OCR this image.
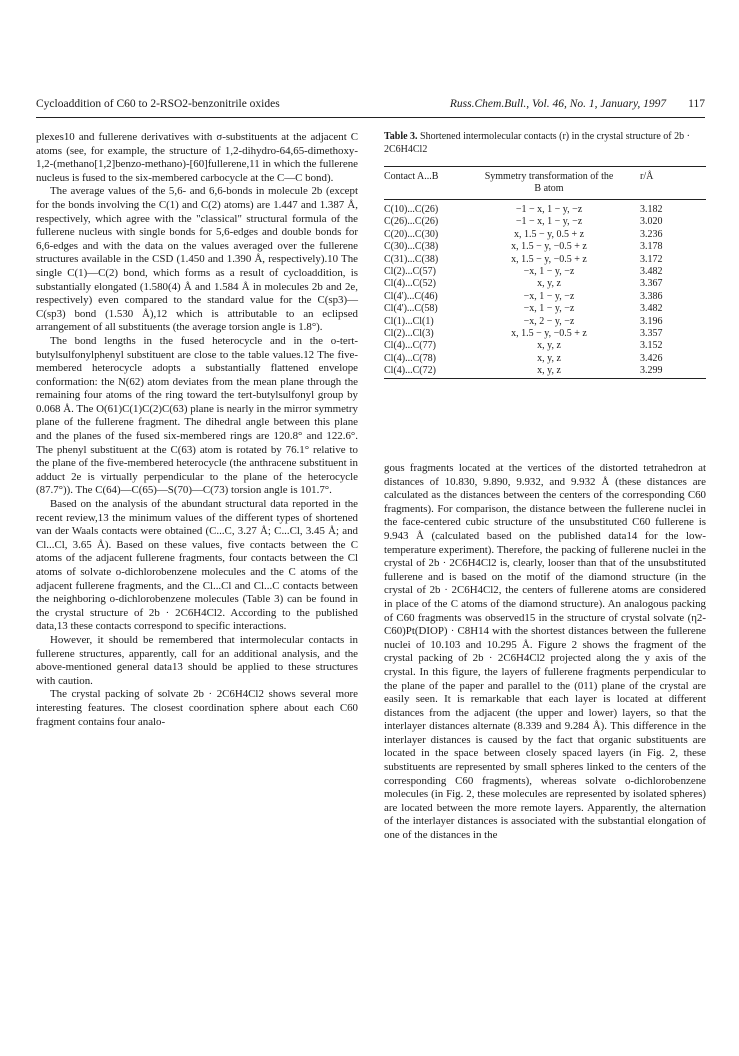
Cycloaddition of C60 to 2-RSO2-benzonitrile oxides	Russ.Chem.Bull., Vol. 46, No. 1, January, 1997 117

plexes10 and fullerene derivatives with σ-substituents at the adjacent C atoms (see, for example, the structure of 1,2-dihydro-64,65-dimethoxy-1,2-(methano[1,2]benzo-methano)-[60]fullerene,11 in which the fullerene nucleus is fused to the six-membered carbocycle at the C—C bond).

The average values of the 5,6- and 6,6-bonds in molecule 2b (except for the bonds involving the C(1) and C(2) atoms) are 1.447 and 1.387 Å, respectively, which agree with the "classical" structural formula of the fullerene nucleus with single bonds for 5,6-edges and double bonds for 6,6-edges and with the data on the values averaged over the fullerene structures available in the CSD (1.450 and 1.390 Å, respectively).10 The single C(1)—C(2) bond, which forms as a result of cycloaddition, is substantially elongated (1.580(4) Å and 1.584 Å in molecules 2b and 2e, respectively) even compared to the standard value for the C(sp3)—C(sp3) bond (1.530 Å),12 which is attributable to an eclipsed arrangement of all substituents (the average torsion angle is 1.8°).

The bond lengths in the fused heterocycle and in the o-tert-butylsulfonylphenyl substituent are close to the table values.12 The five-membered heterocycle adopts a substantially flattened envelope conformation: the N(62) atom deviates from the mean plane through the remaining four atoms of the ring toward the tert-butylsulfonyl group by 0.068 Å. The O(61)C(1)C(2)C(63) plane is nearly in the mirror symmetry plane of the fullerene fragment. The dihedral angle between this plane and the planes of the fused six-membered rings are 120.8° and 122.6°. The phenyl substituent at the C(63) atom is rotated by 76.1° relative to the plane of the five-membered heterocycle (the anthracene substituent in adduct 2e is virtually perpendicular to the plane of the heterocycle (87.7°)). The C(64)—C(65)—S(70)—C(73) torsion angle is 101.7°.

Based on the analysis of the abundant structural data reported in the recent review,13 the minimum values of the different types of shortened van der Waals contacts were obtained (C...C, 3.27 Å; C...Cl, 3.45 Å; and Cl...Cl, 3.65 Å). Based on these values, five contacts between the C atoms of the adjacent fullerene fragments, four contacts between the Cl atoms of solvate o-dichlorobenzene molecules and the C atoms of the adjacent fullerene fragments, and the Cl...Cl and Cl...C contacts between the neighboring o-dichlorobenzene molecules (Table 3) can be found in the crystal structure of 2b · 2C6H4Cl2. According to the published data,13 these contacts correspond to specific interactions.

However, it should be remembered that intermolecular contacts in fullerene structures, apparently, call for an additional analysis, and the above-mentioned general data13 should be applied to these structures with caution.

The crystal packing of solvate 2b · 2C6H4Cl2 shows several more interesting features. The closest coordination sphere about each C60 fragment contains four analo-

Table 3. Shortened intermolecular contacts (r) in the crystal structure of 2b · 2C6H4Cl2
Contact A...B	Symmetry transformation of the B atom	r/Å
C(10)...C(26)	−1 − x, 1 − y, −z	3.182
C(26)...C(26)	−1 − x, 1 − y, −z	3.020
C(20)...C(30)	x, 1.5 − y, 0.5 + z	3.236
C(30)...C(38)	x, 1.5 − y, −0.5 + z	3.178
C(31)...C(38)	x, 1.5 − y, −0.5 + z	3.172
Cl(2)...C(57)	−x, 1 − y, −z	3.482
Cl(4)...C(52)	x, y, z	3.367
Cl(4')...C(46)	−x, 1 − y, −z	3.386
Cl(4')...C(58)	−x, 1 − y, −z	3.482
Cl(1)...Cl(1)	−x, 2 − y, −z	3.196
Cl(2)...Cl(3)	x, 1.5 − y, −0.5 + z	3.357
Cl(4)...C(77)	x, y, z	3.152
Cl(4)...C(78)	x, y, z	3.426
Cl(4)...C(72)	x, y, z	3.299

gous fragments located at the vertices of the distorted tetrahedron at distances of 10.830, 9.890, 9.932, and 9.932 Å (these distances are calculated as the distances between the centers of the corresponding C60 fragments). For comparison, the distance between the fullerene nuclei in the face-centered cubic structure of the unsubstituted C60 fullerene is 9.943 Å (calculated based on the published data14 for the low-temperature experiment). Therefore, the packing of fullerene nuclei in the crystal of 2b · 2C6H4Cl2 is, clearly, looser than that of the unsubstituted fullerene and is based on the motif of the diamond structure (in the crystal of 2b · 2C6H4Cl2, the centers of fullerene atoms are considered in place of the C atoms of the diamond structure). An analogous packing of C60 fragments was observed15 in the structure of crystal solvate (η2-C60)Pt(DIOP) · C8H14 with the shortest distances between the fullerene nuclei of 10.103 and 10.295 Å. Figure 2 shows the fragment of the crystal packing of 2b · 2C6H4Cl2 projected along the y axis of the crystal. In this figure, the layers of fullerene fragments perpendicular to the plane of the paper and parallel to the (011) plane of the crystal are easily seen. It is remarkable that each layer is located at different distances from the adjacent (the upper and lower) layers, so that the interlayer distances alternate (8.339 and 9.284 Å). This difference in the interlayer distances is caused by the fact that organic substituents are located in the space between closely spaced layers (in Fig. 2, these substituents are represented by small spheres linked to the centers of the corresponding C60 fragments), whereas solvate o-dichlorobenzene molecules (in Fig. 2, these molecules are represented by isolated spheres) are located between the more remote layers. Apparently, the alternation of the interlayer distances is associated with the substantial elongation of one of the distances in the
